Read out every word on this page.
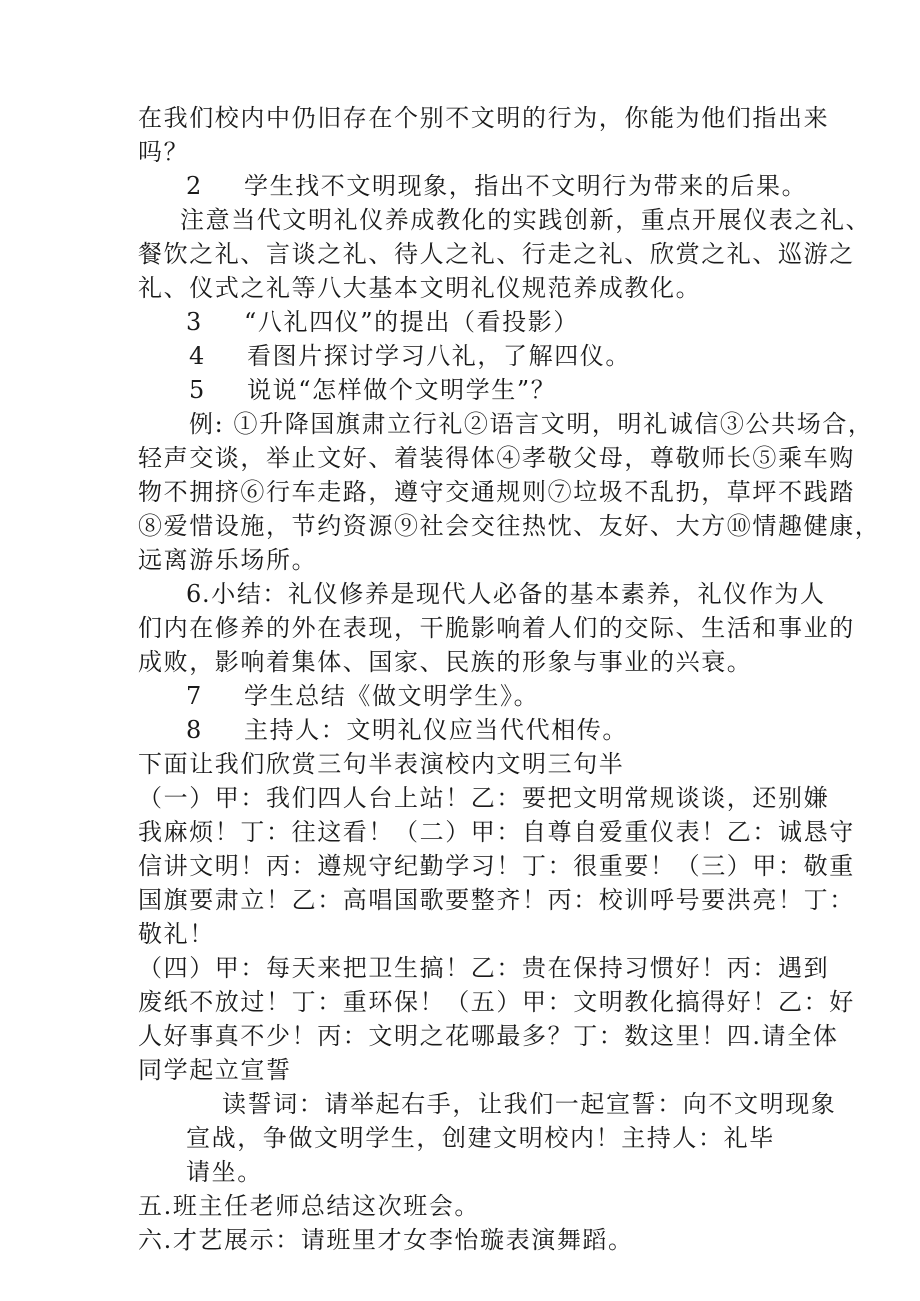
在我们校内中仍旧存在个别不文明的行为，你能为他们指出来
吗？
2 学生找不文明现象，指出不文明行为带来的后果。
注意当代文明礼仪养成教化的实践创新，重点开展仪表之礼、
餐饮之礼、言谈之礼、待人之礼、行走之礼、欣赏之礼、巡游之
礼、仪式之礼等八大基本文明礼仪规范养成教化。
3 “八礼四仪”的提出（看投影）
4 看图片探讨学习八礼，了解四仪。
5 说说“怎样做个文明学生”？
例: ①升降国旗肃立行礼②语言文明，明礼诚信③公共场合，
轻声交谈，举止文好、着装得体④孝敬父母，尊敬师长⑤乘车购
物不拥挤⑥行车走路，遵守交通规则⑦垃圾不乱扔，草坪不践踏
⑧爱惜设施，节约资源⑨社会交往热忱、友好、大方⑩情趣健康，
远离游乐场所。
6.小结：礼仪修养是现代人必备的基本素养，礼仪作为人
们内在修养的外在表现，干脆影响着人们的交际、生活和事业的
成败，影响着集体、国家、民族的形象与事业的兴衰。
7 学生总结《做文明学生》。
8 主持人：文明礼仪应当代代相传。
下面让我们欣赏三句半表演校内文明三句半
（一）甲：我们四人台上站！乙：要把文明常规谈谈，还别嫌
我麻烦！丁：往这看！（二）甲：自尊自爱重仪表！乙：诚恳守
信讲文明！丙：遵规守纪勤学习！丁：很重要！（三）甲：敬重
国旗要肃立！乙：高唱国歌要整齐！丙：校训呼号要洪亮！丁：
敬礼！
（四）甲：每天来把卫生搞！乙：贵在保持习惯好！丙：遇到
废纸不放过！丁：重环保！（五）甲：文明教化搞得好！乙：好
人好事真不少！丙：文明之花哪最多？丁：数这里！四.请全体
同学起立宣誓
读誓词：请举起右手，让我们一起宣誓：向不文明现象
宣战，争做文明学生，创建文明校内！主持人：礼毕
请坐。
五.班主任老师总结这次班会。
六.才艺展示：请班里才女李怡璇表演舞蹈。
